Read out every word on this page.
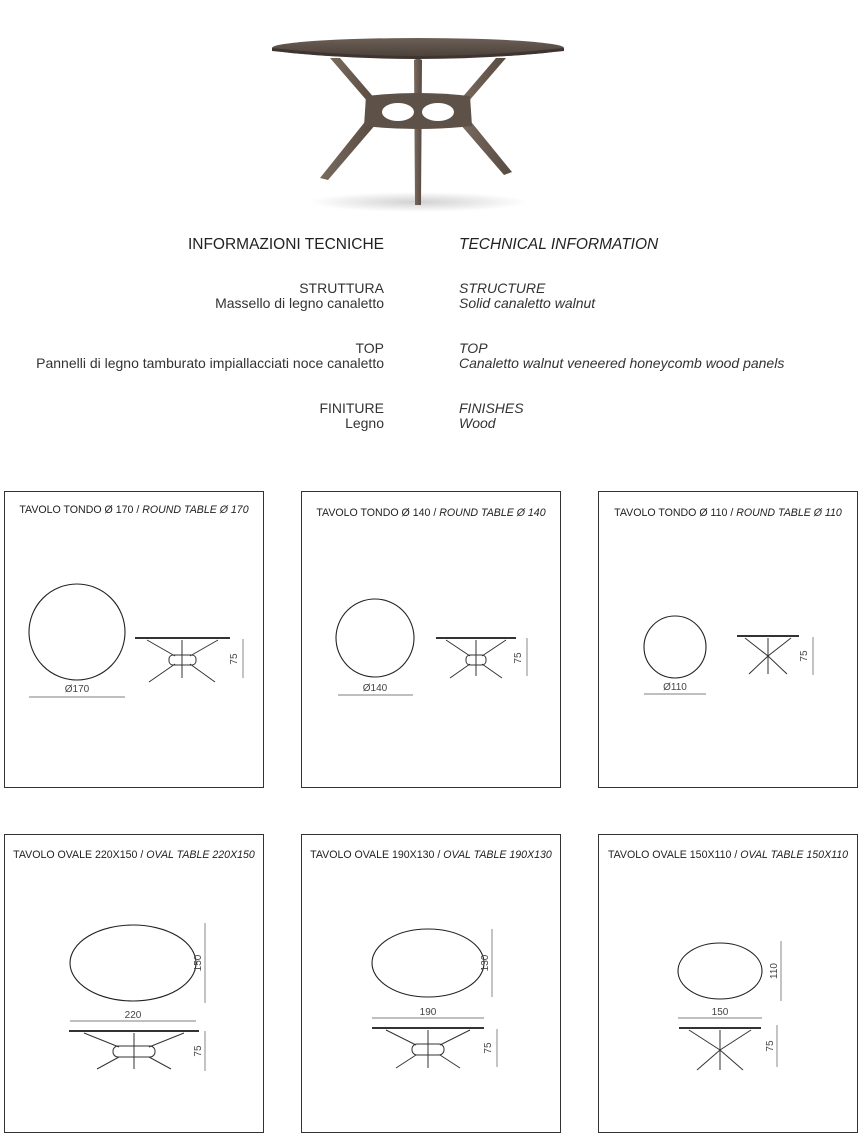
INFORMAZIONI TECNICHE	TECHNICAL INFORMATION
STRUTTURA
Massello di legno canaletto
STRUCTURE
Solid canaletto walnut
TOP
Pannelli di legno tamburato impiallacciati noce canaletto
TOP
Canaletto walnut veneered honeycomb wood panels
FINITURE
Legno
FINISHES
Wood
TAVOLO TONDO Ø 170 / ROUND TABLE Ø 170
Ø170
75
TAVOLO TONDO Ø 140 / ROUND TABLE Ø 140
Ø140
75
TAVOLO TONDO Ø 110 / ROUND TABLE Ø 110
Ø110
75
TAVOLO OVALE 220X150 / OVAL TABLE 220X150
150
220
75
TAVOLO OVALE 190X130 / OVAL TABLE 190X130
130
190
75
TAVOLO OVALE 150X110 / OVAL TABLE 150X110
110
150
75
